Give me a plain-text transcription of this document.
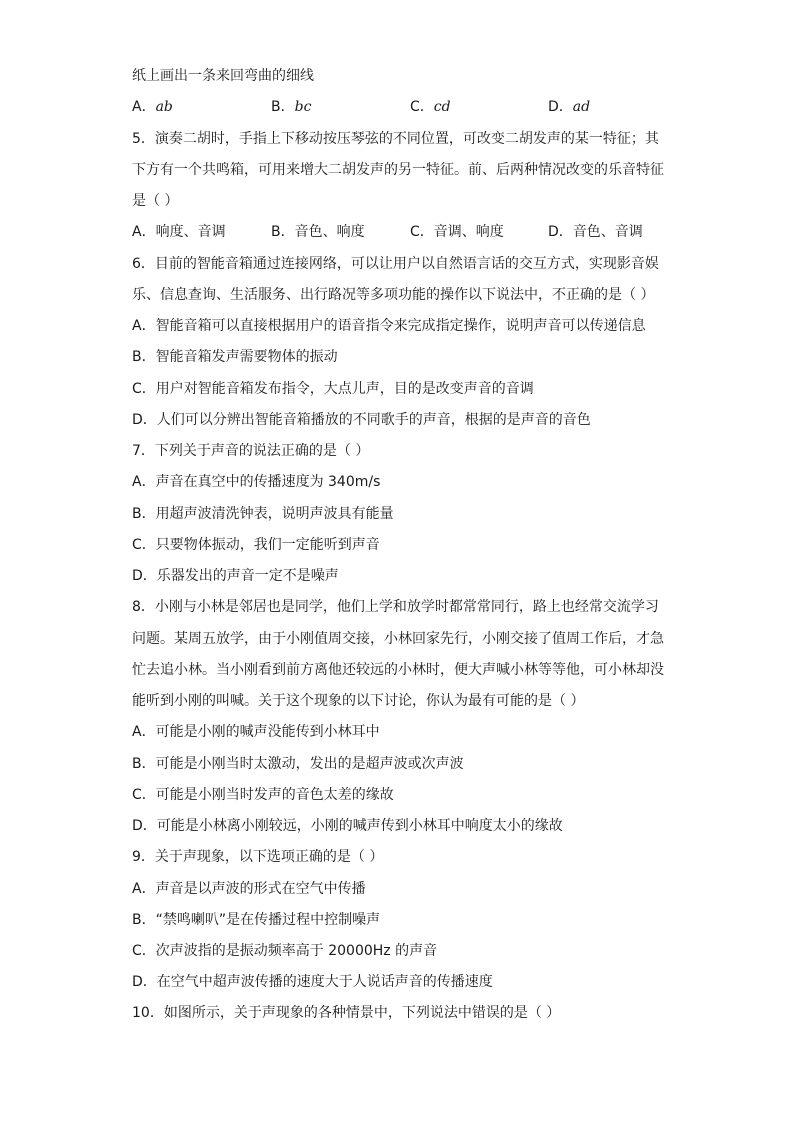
纸上画出一条来回弯曲的细线
A．ab	B．bc	C．cd	D．ad
5．演奏二胡时，手指上下移动按压琴弦的不同位置，可改变二胡发声的某一特征；其
下方有一个共鸣箱，可用来增大二胡发声的另一特征。前、后两种情况改变的乐音特征
是（ ）
A．响度、音调	B．音色、响度	C．音调、响度	D．音色、音调
6．目前的智能音箱通过连接网络，可以让用户以自然语言话的交互方式，实现影音娱
乐、信息查询、生活服务、出行路况等多项功能的操作以下说法中，不正确的是（ ）
A．智能音箱可以直接根据用户的语音指令来完成指定操作，说明声音可以传递信息
B．智能音箱发声需要物体的振动
C．用户对智能音箱发布指令，大点儿声，目的是改变声音的音调
D．人们可以分辨出智能音箱播放的不同歌手的声音，根据的是声音的音色
7．下列关于声音的说法正确的是（ ）
A．声音在真空中的传播速度为 340m/s
B．用超声波清洗钟表，说明声波具有能量
C．只要物体振动，我们一定能听到声音
D．乐器发出的声音一定不是噪声
8．小刚与小林是邻居也是同学，他们上学和放学时都常常同行，路上也经常交流学习
问题。某周五放学，由于小刚值周交接，小林回家先行，小刚交接了值周工作后，才急
忙去追小林。当小刚看到前方离他还较远的小林时，便大声喊小林等等他，可小林却没
能听到小刚的叫喊。关于这个现象的以下讨论，你认为最有可能的是（ ）
A．可能是小刚的喊声没能传到小林耳中
B．可能是小刚当时太激动，发出的是超声波或次声波
C．可能是小刚当时发声的音色太差的缘故
D．可能是小林离小刚较远，小刚的喊声传到小林耳中响度太小的缘故
9．关于声现象，以下选项正确的是（ ）
A．声音是以声波的形式在空气中传播
B．“禁鸣喇叭”是在传播过程中控制噪声
C．次声波指的是振动频率高于 20000Hz 的声音
D．在空气中超声波传播的速度大于人说话声音的传播速度
10．如图所示，关于声现象的各种情景中，下列说法中错误的是（ ）
